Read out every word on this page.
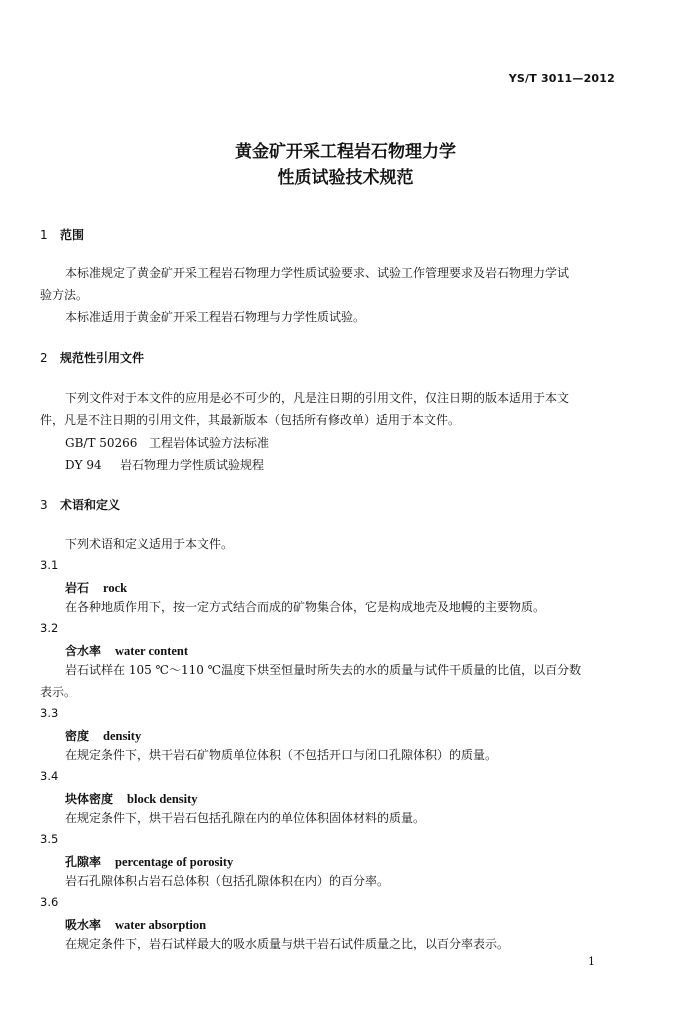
YS/T 3011—2012
黄金矿开采工程岩石物理力学
性质试验技术规范
1 范围
本标准规定了黄金矿开采工程岩石物理力学性质试验要求、试验工作管理要求及岩石物理力学试
验方法。
本标准适用于黄金矿开采工程岩石物理与力学性质试验。
2 规范性引用文件
下列文件对于本文件的应用是必不可少的，凡是注日期的引用文件，仅注日期的版本适用于本文
件，凡是不注日期的引用文件，其最新版本（包括所有修改单）适用于本文件。
GB/T 50266 工程岩体试验方法标准
DY 94 岩石物理力学性质试验规程
3 术语和定义
下列术语和定义适用于本文件。
3.1
岩石 rock
在各种地质作用下，按一定方式结合而成的矿物集合体，它是构成地壳及地幔的主要物质。
3.2
含水率 water content
岩石试样在 105 ℃～110 ℃温度下烘至恒量时所失去的水的质量与试件干质量的比值，以百分数
表示。
3.3
密度 density
在规定条件下，烘干岩石矿物质单位体积（不包括开口与闭口孔隙体积）的质量。
3.4
块体密度 block density
在规定条件下，烘干岩石包括孔隙在内的单位体积固体材料的质量。
3.5
孔隙率 percentage of porosity
岩石孔隙体积占岩石总体积（包括孔隙体积在内）的百分率。
3.6
吸水率 water absorption
在规定条件下，岩石试样最大的吸水质量与烘干岩石试件质量之比，以百分率表示。
1
